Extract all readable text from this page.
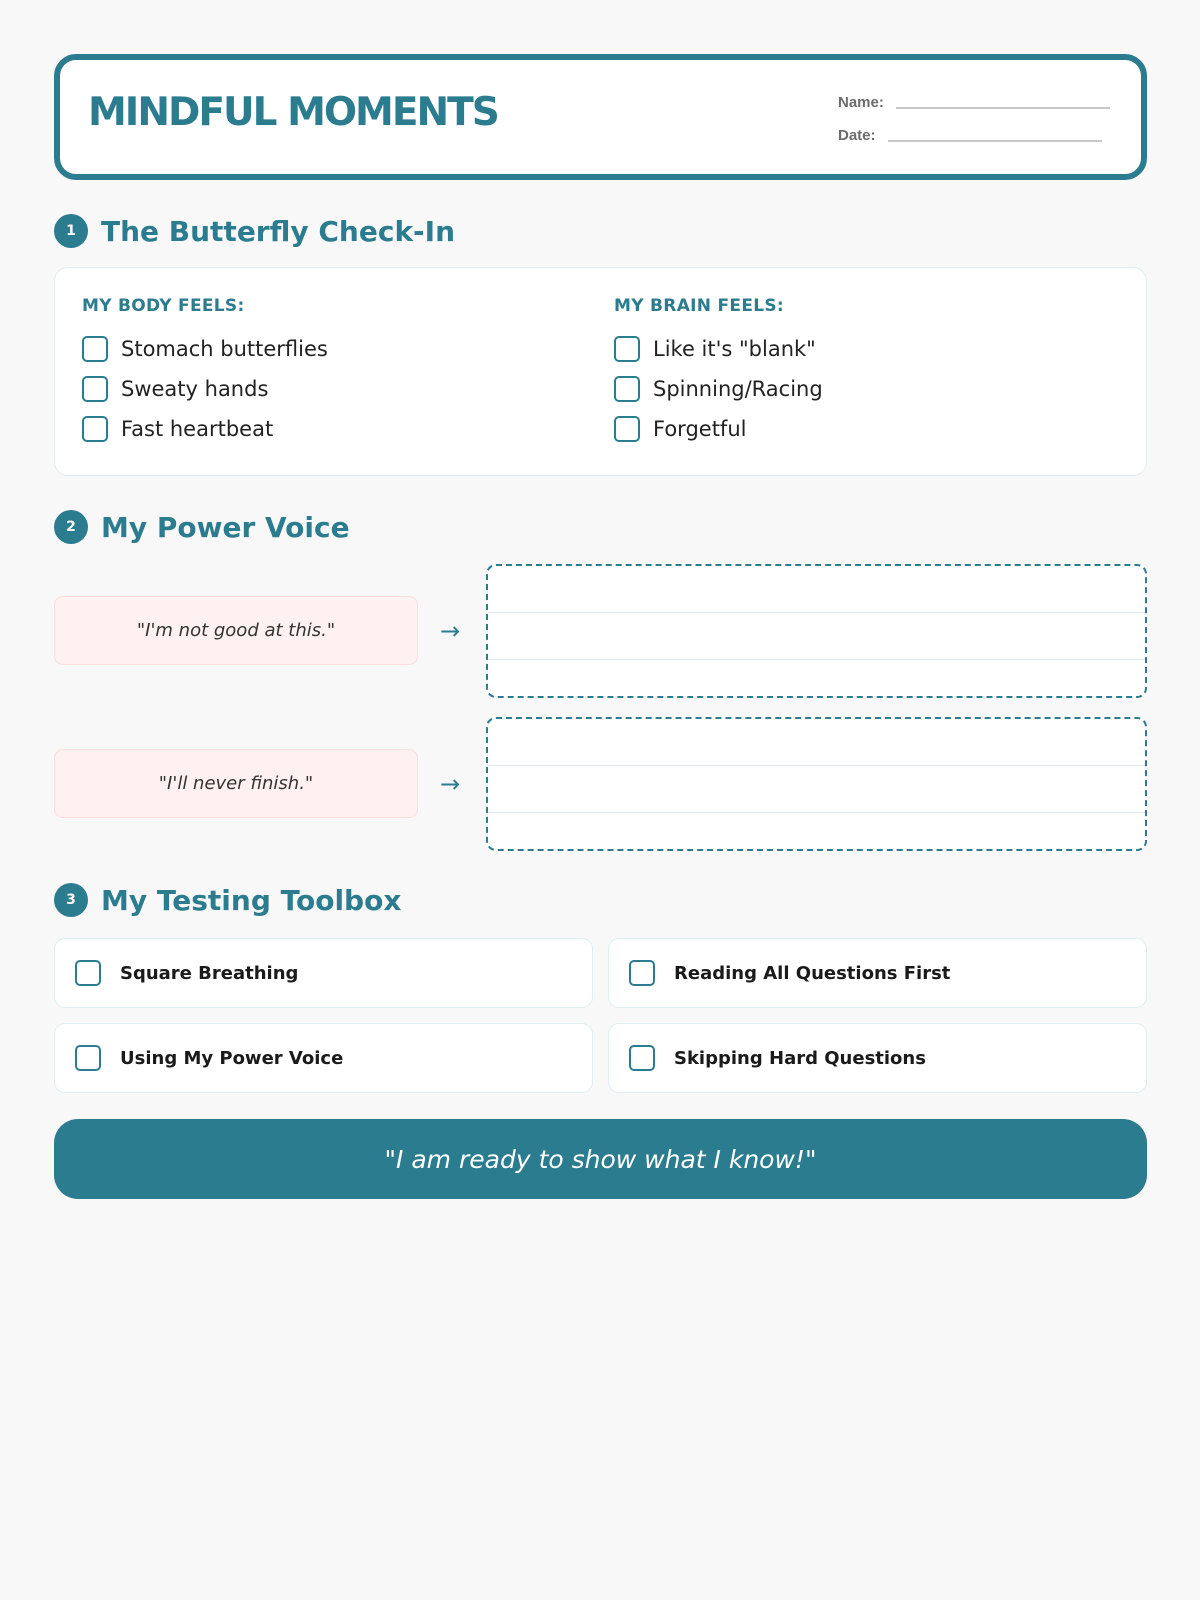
MINDFUL MOMENTS	Name:
Date:
1 The Butterfly Check-In
MY BODY FEELS:
Stomach butterflies
Sweaty hands
Fast heartbeat
MY BRAIN FEELS:
Like it's "blank"
Spinning/Racing
Forgetful
2 My Power Voice
"I'm not good at this."	→
"I'll never finish."	→
3 My Testing Toolbox
Square Breathing	Reading All Questions First
Using My Power Voice	Skipping Hard Questions
"I am ready to show what I know!"
